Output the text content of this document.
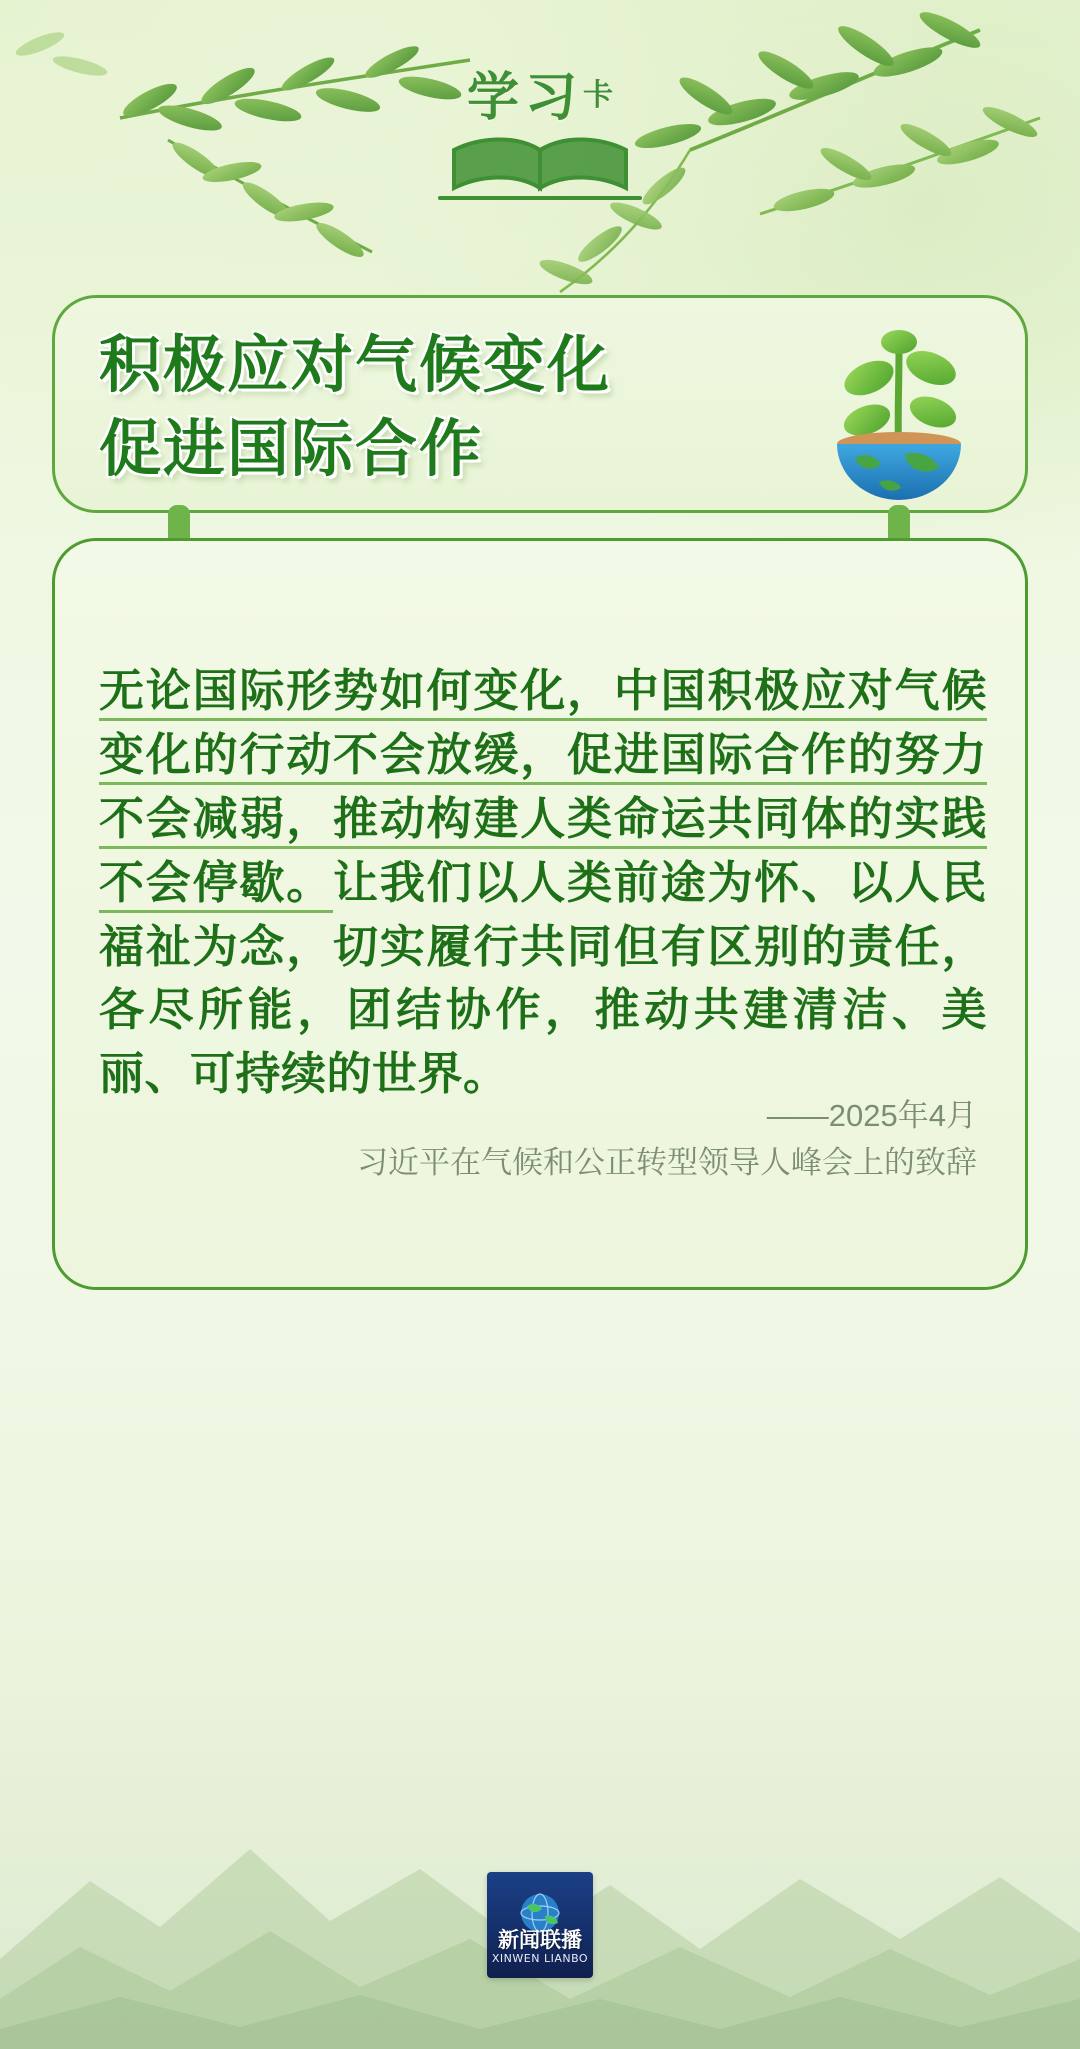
学习卡
积极应对气候变化
促进国际合作
无论国际形势如何变化，中国积极应对气候变化的行动不会放缓，促进国际合作的努力不会减弱，推动构建人类命运共同体的实践不会停歇。让我们以人类前途为怀、以人民福祉为念，切实履行共同但有区别的责任，各尽所能，团结协作，推动共建清洁、美丽、可持续的世界。
——2025年4月
习近平在气候和公正转型领导人峰会上的致辞
新闻联播
XINWEN LIANBO
